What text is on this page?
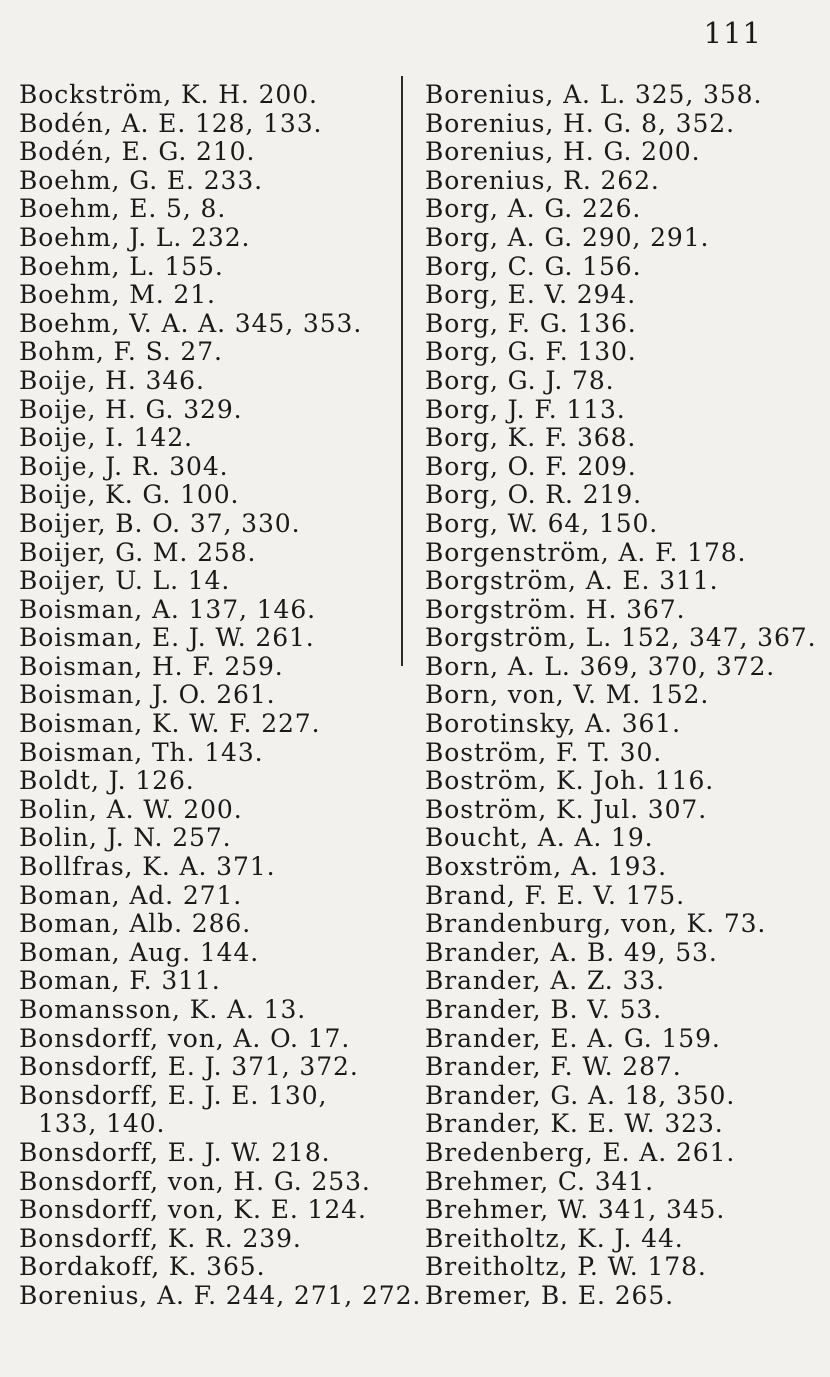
111
Bockström, K. H. 200.
Bodén, A. E. 128, 133.
Bodén, E. G. 210.
Boehm, G. E. 233.
Boehm, E. 5, 8.
Boehm, J. L. 232.
Boehm, L. 155.
Boehm, M. 21.
Boehm, V. A. A. 345, 353.
Bohm, F. S. 27.
Boije, H. 346.
Boije, H. G. 329.
Boije, I. 142.
Boije, J. R. 304.
Boije, K. G. 100.
Boijer, B. O. 37, 330.
Boijer, G. M. 258.
Boijer, U. L. 14.
Boisman, A. 137, 146.
Boisman, E. J. W. 261.
Boisman, H. F. 259.
Boisman, J. O. 261.
Boisman, K. W. F. 227.
Boisman, Th. 143.
Boldt, J. 126.
Bolin, A. W. 200.
Bolin, J. N. 257.
Bollfras, K. A. 371.
Boman, Ad. 271.
Boman, Alb. 286.
Boman, Aug. 144.
Boman, F. 311.
Bomansson, K. A. 13.
Bonsdorff, von, A. O. 17.
Bonsdorff, E. J. 371, 372.
Bonsdorff, E. J. E. 130, 133, 140.
Bonsdorff, E. J. W. 218.
Bonsdorff, von, H. G. 253.
Bonsdorff, von, K. E. 124.
Bonsdorff, K. R. 239.
Bordakoff, K. 365.
Borenius, A. F. 244, 271, 272.
Borenius, A. L. 325, 358.
Borenius, H. G. 8, 352.
Borenius, H. G. 200.
Borenius, R. 262.
Borg, A. G. 226.
Borg, A. G. 290, 291.
Borg, C. G. 156.
Borg, E. V. 294.
Borg, F. G. 136.
Borg, G. F. 130.
Borg, G. J. 78.
Borg, J. F. 113.
Borg, K. F. 368.
Borg, O. F. 209.
Borg, O. R. 219.
Borg, W. 64, 150.
Borgenström, A. F. 178.
Borgström, A. E. 311.
Borgström. H. 367.
Borgström, L. 152, 347, 367.
Born, A. L. 369, 370, 372.
Born, von, V. M. 152.
Borotinsky, A. 361.
Boström, F. T. 30.
Boström, K. Joh. 116.
Boström, K. Jul. 307.
Boucht, A. A. 19.
Boxström, A. 193.
Brand, F. E. V. 175.
Brandenburg, von, K. 73.
Brander, A. B. 49, 53.
Brander, A. Z. 33.
Brander, B. V. 53.
Brander, E. A. G. 159.
Brander, F. W. 287.
Brander, G. A. 18, 350.
Brander, K. E. W. 323.
Bredenberg, E. A. 261.
Brehmer, C. 341.
Brehmer, W. 341, 345.
Breitholtz, K. J. 44.
Breitholtz, P. W. 178.
Bremer, B. E. 265.
